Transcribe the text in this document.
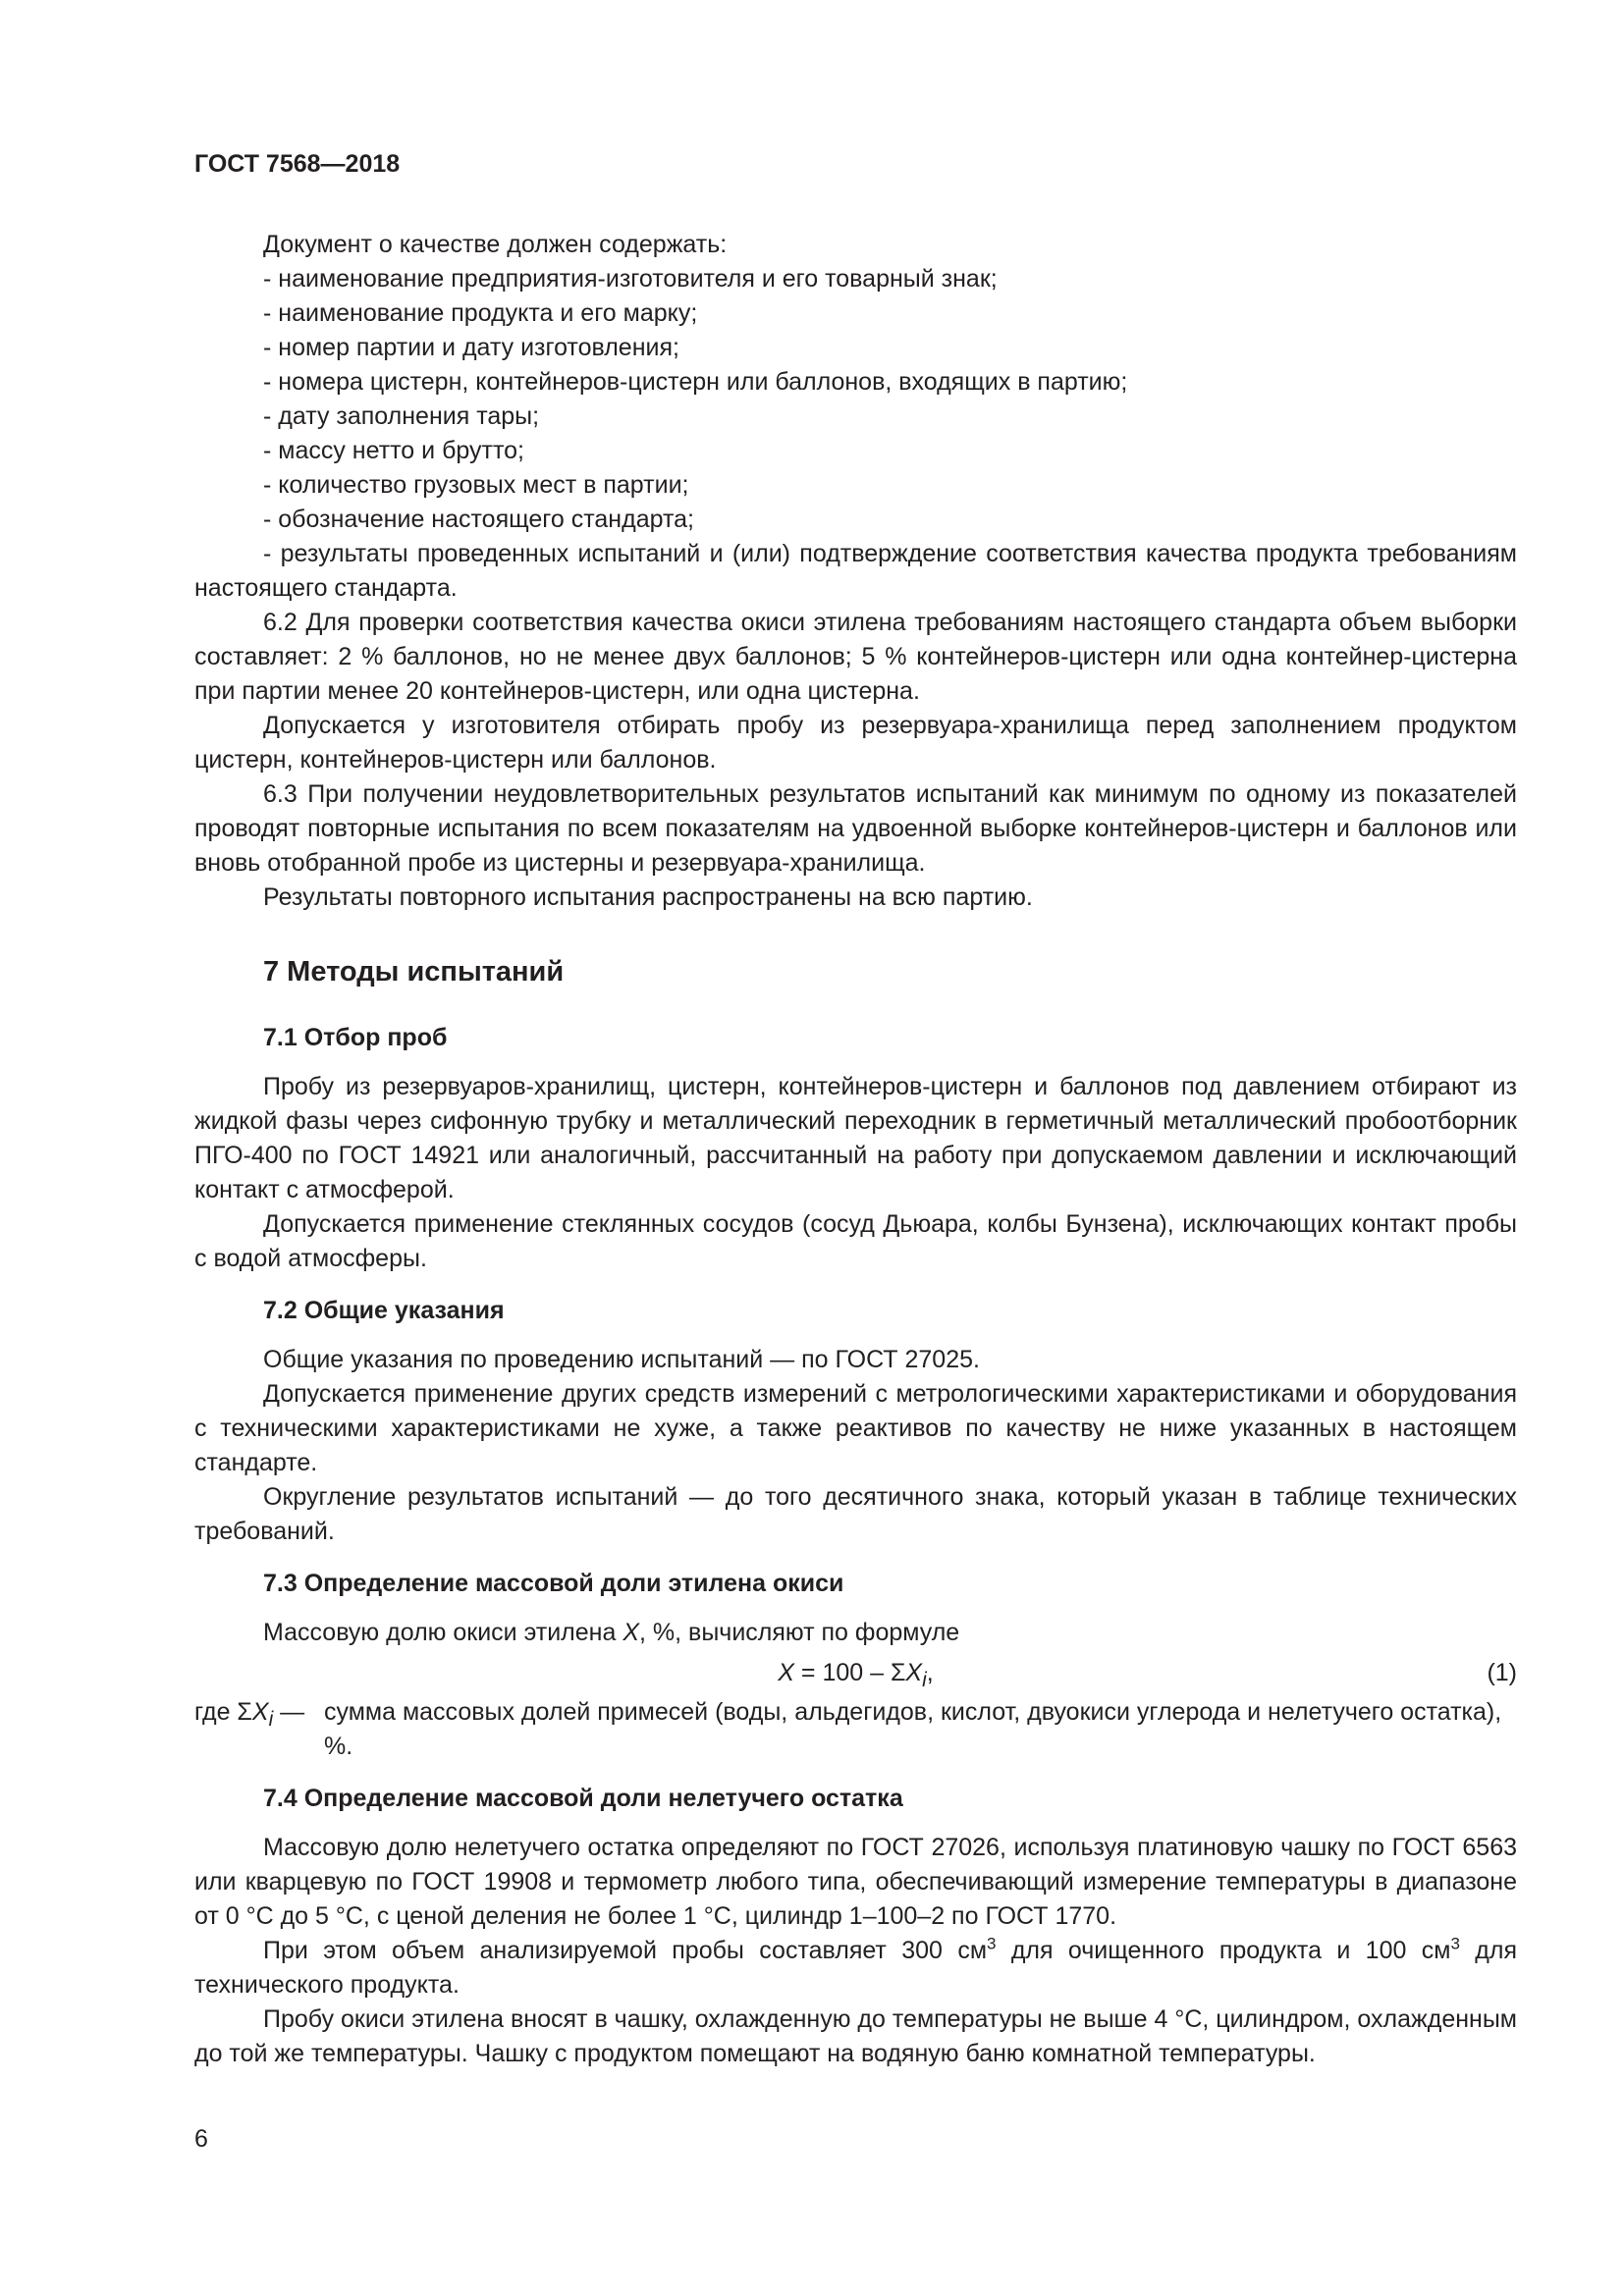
ГОСТ 7568—2018

Документ о качестве должен содержать:

- наименование предприятия-изготовителя и его товарный знак;

- наименование продукта и его марку;

- номер партии и дату изготовления;

- номера цистерн, контейнеров-цистерн или баллонов, входящих в партию;

- дату заполнения тары;

- массу нетто и брутто;

- количество грузовых мест в партии;

- обозначение настоящего стандарта;

- результаты проведенных испытаний и (или) подтверждение соответствия качества продукта требованиям настоящего стандарта.

6.2 Для проверки соответствия качества окиси этилена требованиям настоящего стандарта объем выборки составляет: 2 % баллонов, но не менее двух баллонов; 5 % контейнеров-цистерн или одна контейнер-цистерна при партии менее 20 контейнеров-цистерн, или одна цистерна.

Допускается у изготовителя отбирать пробу из резервуара-хранилища перед заполнением продуктом цистерн, контейнеров-цистерн или баллонов.

6.3 При получении неудовлетворительных результатов испытаний как минимум по одному из показателей проводят повторные испытания по всем показателям на удвоенной выборке контейнеров-цистерн и баллонов или вновь отобранной пробе из цистерны и резервуара-хранилища.

Результаты повторного испытания распространены на всю партию.

7 Методы испытаний
7.1 Отбор проб

Пробу из резервуаров-хранилищ, цистерн, контейнеров-цистерн и баллонов под давлением отбирают из жидкой фазы через сифонную трубку и металлический переходник в герметичный металлический пробоотборник ПГО-400 по ГОСТ 14921 или аналогичный, рассчитанный на работу при допускаемом давлении и исключающий контакт с атмосферой.

Допускается применение стеклянных сосудов (сосуд Дьюара, колбы Бунзена), исключающих контакт пробы с водой атмосферы.

7.2 Общие указания

Общие указания по проведению испытаний — по ГОСТ 27025.

Допускается применение других средств измерений с метрологическими характеристиками и оборудования с техническими характеристиками не хуже, а также реактивов по качеству не ниже указанных в настоящем стандарте.

Округление результатов испытаний — до того десятичного знака, который указан в таблице технических требований.

7.3 Определение массовой доли этилена окиси

Массовую долю окиси этилена X, %, вычисляют по формуле

$X = 100 - \Sigma X_i$,	(1)
где $\Sigma X_i$ — сумма массовых долей примесей (воды, альдегидов, кислот, двуокиси углерода и нелетучего остатка), %.
7.4 Определение массовой доли нелетучего остатка

Массовую долю нелетучего остатка определяют по ГОСТ 27026, используя платиновую чашку по ГОСТ 6563 или кварцевую по ГОСТ 19908 и термометр любого типа, обеспечивающий измерение температуры в диапазоне от 0 °С до 5 °С, с ценой деления не более 1 °С, цилиндр 1–100–2 по ГОСТ 1770.

При этом объем анализируемой пробы составляет 300 $см^3$ для очищенного продукта и 100 $см^3$ для технического продукта.

Пробу окиси этилена вносят в чашку, охлажденную до температуры не выше 4 °С, цилиндром, охлажденным до той же температуры. Чашку с продуктом помещают на водяную баню комнатной температуры.

6
